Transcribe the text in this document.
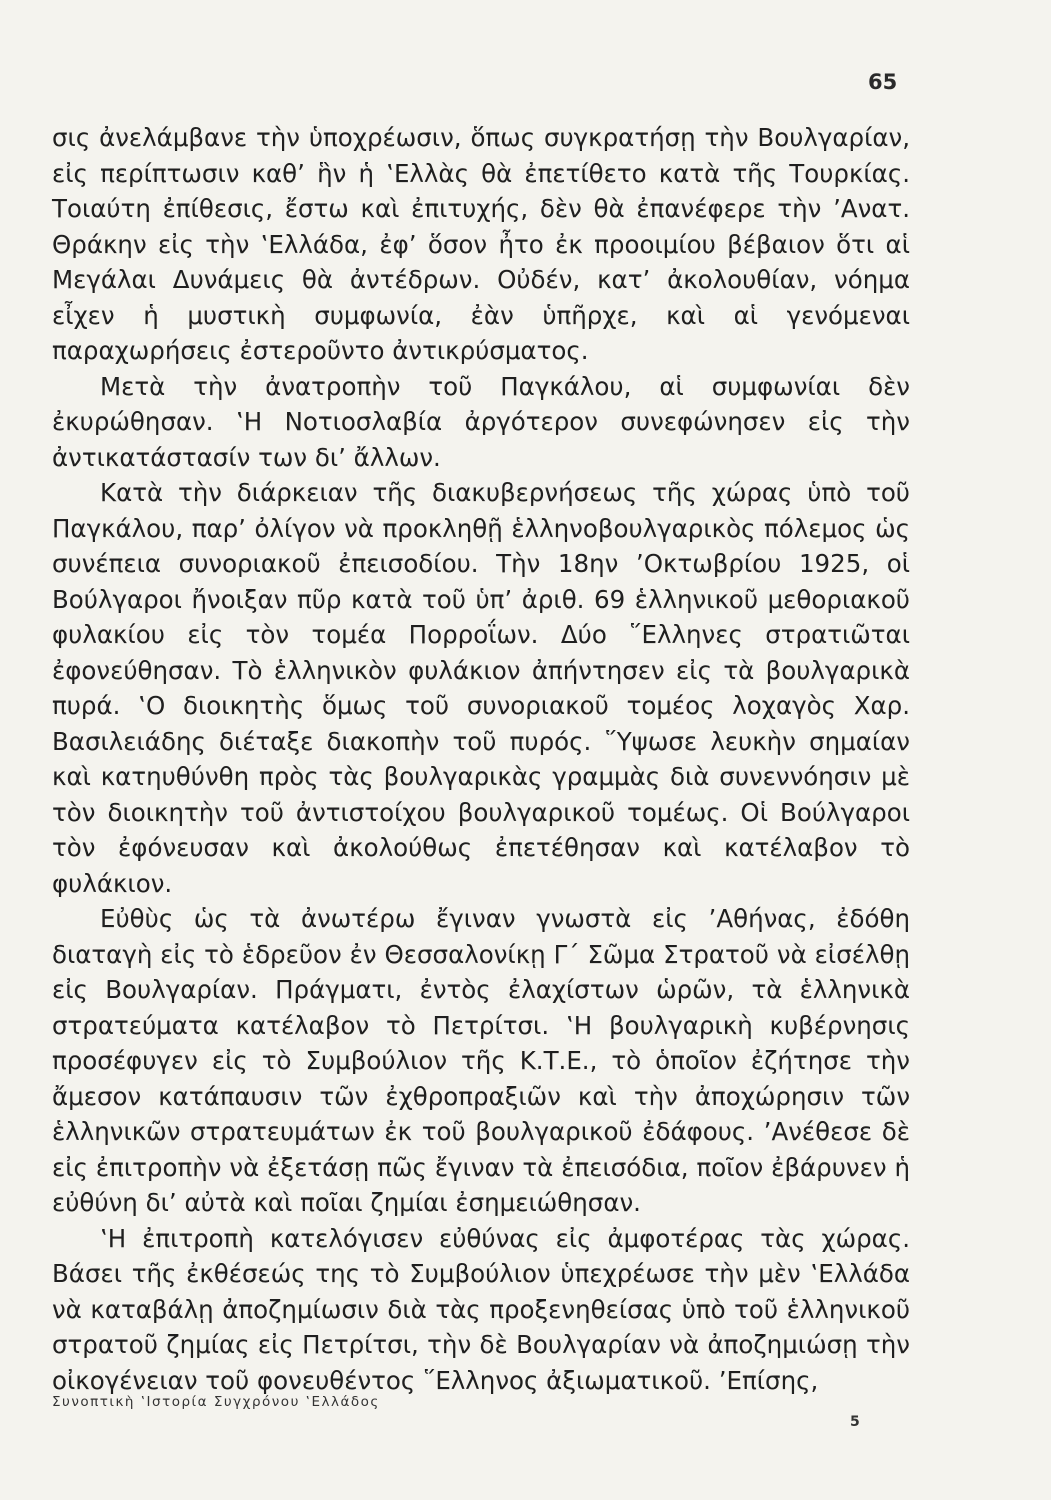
65

σις ἀνελάμβανε τὴν ὑποχρέωσιν, ὅπως συγκρατήσῃ τὴν Βουλγαρίαν, εἰς περίπτωσιν καθ’ ἣν ἡ ‛Ελλὰς θὰ ἐπετίθετο κατὰ τῆς Τουρκίας. Τοιαύτη ἐπίθεσις, ἔστω καὶ ἐπιτυχής, δὲν θὰ ἐπανέφερε τὴν ’Ανατ. Θράκην εἰς τὴν ‛Ελλάδα, ἐφ’ ὅσον ἦτο ἐκ προοιμίου βέβαιον ὅτι αἱ Μεγάλαι Δυνάμεις θὰ ἀντέδρων. Οὐδέν, κατ’ ἀκολουθίαν, νόημα εἶχεν ἡ μυστικὴ συμφωνία, ἐὰν ὑπῆρχε, καὶ αἱ γενόμεναι παραχωρήσεις ἐστεροῦντο ἀντικρύσματος.

Μετὰ τὴν ἀνατροπὴν τοῦ Παγκάλου, αἱ συμφωνίαι δὲν ἐκυρώθησαν. ‛Η Νοτιοσλαβία ἀργότερον συνεφώνησεν εἰς τὴν ἀντικατάστασίν των δι’ ἄλλων.

Κατὰ τὴν διάρκειαν τῆς διακυβερνήσεως τῆς χώρας ὑπὸ τοῦ Παγκάλου, παρ’ ὀλίγον νὰ προκληθῇ ἑλληνοβουλγαρικὸς πόλεμος ὡς συνέπεια συνοριακοῦ ἐπεισοδίου. Τὴν 18ην ’Οκτωβρίου 1925, οἱ Βούλγαροι ἤνοιξαν πῦρ κατὰ τοῦ ὑπ’ ἀριθ. 69 ἑλληνικοῦ μεθοριακοῦ φυλακίου εἰς τὸν τομέα Πορροΐων. Δύο ῞Ελληνες στρατιῶται ἐφονεύθησαν. Τὸ ἑλληνικὸν φυλάκιον ἀπήντησεν εἰς τὰ βουλγαρικὰ πυρά. ‛Ο διοικητὴς ὅμως τοῦ συνοριακοῦ τομέος λοχαγὸς Χαρ. Βασιλειάδης διέταξε διακοπὴν τοῦ πυρός. ῞Υψωσε λευκὴν σημαίαν καὶ κατηυθύνθη πρὸς τὰς βουλγαρικὰς γραμμὰς διὰ συνεννόησιν μὲ τὸν διοικητὴν τοῦ ἀντιστοίχου βουλγαρικοῦ τομέως. Οἱ Βούλγαροι τὸν ἐφόνευσαν καὶ ἀκολούθως ἐπετέθησαν καὶ κατέλαβον τὸ φυλάκιον.

Εὐθὺς ὡς τὰ ἀνωτέρω ἔγιναν γνωστὰ εἰς ’Αθήνας, ἐδόθη διαταγὴ εἰς τὸ ἑδρεῦον ἐν Θεσσαλονίκῃ Γ΄ Σῶμα Στρατοῦ νὰ εἰσέλθῃ εἰς Βουλγαρίαν. Πράγματι, ἐντὸς ἐλαχίστων ὡρῶν, τὰ ἑλληνικὰ στρατεύματα κατέλαβον τὸ Πετρίτσι. ‛Η βουλγαρικὴ κυβέρνησις προσέφυγεν εἰς τὸ Συμβούλιον τῆς Κ.Τ.Ε., τὸ ὁποῖον ἐζήτησε τὴν ἄμεσον κατάπαυσιν τῶν ἐχθροπραξιῶν καὶ τὴν ἀποχώρησιν τῶν ἑλληνικῶν στρατευμάτων ἐκ τοῦ βουλγαρικοῦ ἐδάφους. ’Ανέθεσε δὲ εἰς ἐπιτροπὴν νὰ ἐξετάσῃ πῶς ἔγιναν τὰ ἐπεισόδια, ποῖον ἐβάρυνεν ἡ εὐθύνη δι’ αὐτὰ καὶ ποῖαι ζημίαι ἐσημειώθησαν.

‛Η ἐπιτροπὴ κατελόγισεν εὐθύνας εἰς ἀμφοτέρας τὰς χώρας. Βάσει τῆς ἐκθέσεώς της τὸ Συμβούλιον ὑπεχρέωσε τὴν μὲν ‛Ελλάδα νὰ καταβάλῃ ἀποζημίωσιν διὰ τὰς προξενηθείσας ὑπὸ τοῦ ἑλληνικοῦ στρατοῦ ζημίας εἰς Πετρίτσι, τὴν δὲ Βουλγαρίαν νὰ ἀποζημιώσῃ τὴν οἰκογένειαν τοῦ φονευθέντος ῞Ελληνος ἀξιωματικοῦ. ’Επίσης,

Συνοπτικὴ ‛Ιστορία Συγχρόνου ‛Ελλάδος
5
